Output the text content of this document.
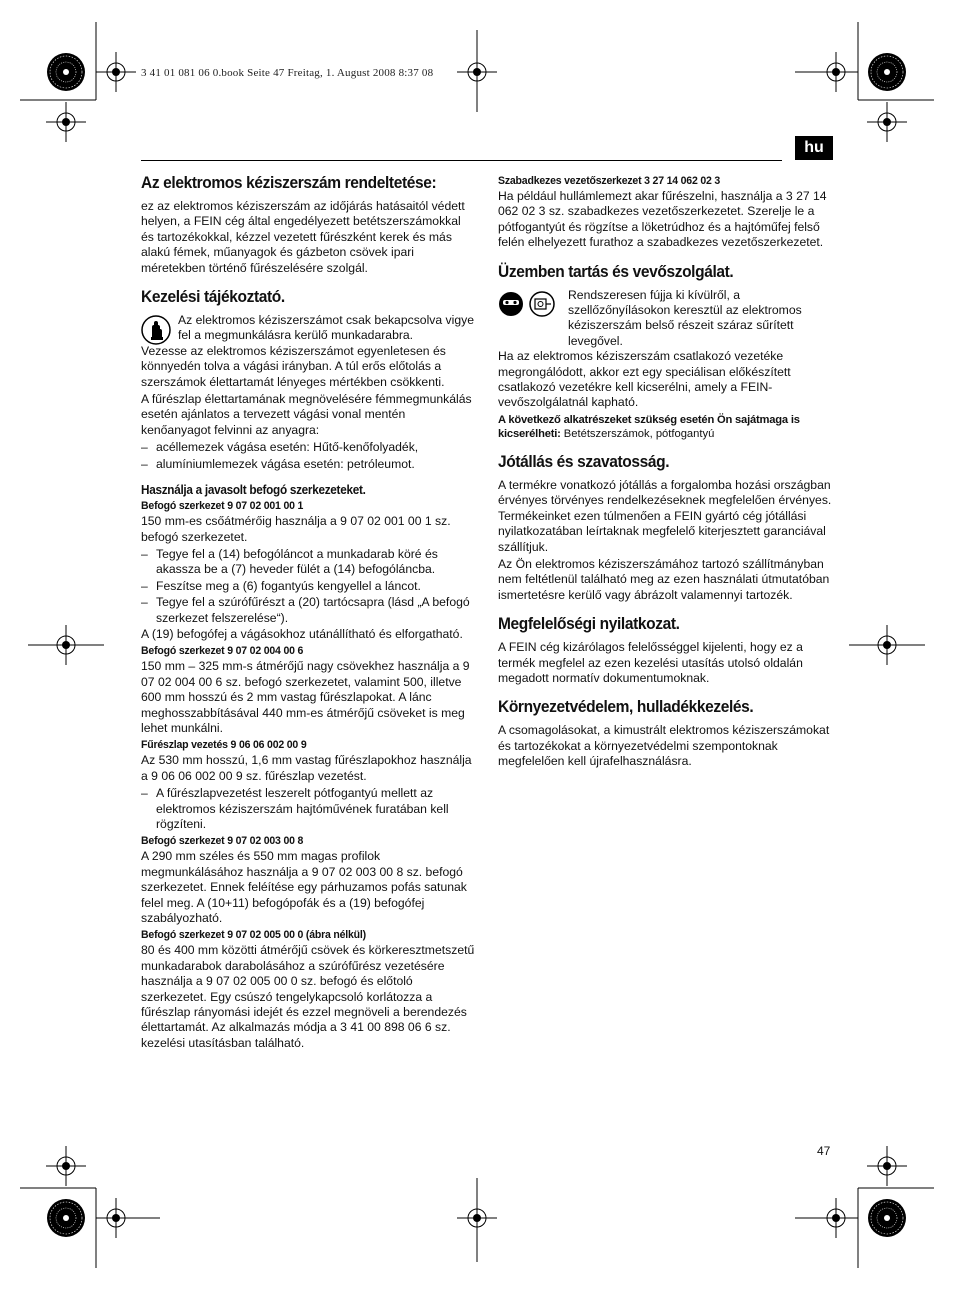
3 41 01 081 06 0.book Seite 47 Freitag, 1. August 2008 8:37 08
hu
Az elektromos kéziszerszám rendeltetése:

ez az elektromos kéziszerszám az időjárás hatásaitól védett helyen, a FEIN cég által engedélyezett betétszerszámokkal és tartozékokkal, kézzel vezetett fűrészként kerek és más alakú fémek, műanyagok és gázbeton csövek ipari méretekben történő fűrészelésére szolgál.

Kezelési tájékoztató.
Az elektromos kéziszerszámot csak bekapcsolva vigye fel a megmunkálásra kerülő munkadarabra.

Vezesse az elektromos kéziszerszámot egyenletesen és könnyedén tolva a vágási irányban. A túl erős előtolás a szerszámok élettartamát lényeges mértékben csökkenti.

A fűrészlap élettartamának megnövelésére fémmegmunkálás esetén ajánlatos a tervezett vágási vonal mentén kenőanyagot felvinni az anyagra:

– acéllemezek vágása esetén: Hűtő-kenőfolyadék,
– alumíniumlemezek vágása esetén: petróleumot.
Használja a javasolt befogó szerkezeteket.
Befogó szerkezet 9 07 02 001 00 1

150 mm-es csőátmérőig használja a 9 07 02 001 00 1 sz. befogó szerkezetet.

– Tegye fel a (14) befogóláncot a munkadarab köré és akassza be a (7) heveder fülét a (14) befogóláncba.
– Feszítse meg a (6) fogantyús kengyellel a láncot.
– Tegye fel a szúrófűrészt a (20) tartócsapra (lásd „A befogó szerkezet felszerelése“).

A (19) befogófej a vágásokhoz utánállítható és elforgatható.

Befogó szerkezet 9 07 02 004 00 6

150 mm – 325 mm-s átmérőjű nagy csövekhez használja a 9 07 02 004 00 6 sz. befogó szerkezetet, valamint 500, illetve 600 mm hosszú és 2 mm vastag fűrészlapokat. A lánc meghosszabbításával 440 mm-es átmérőjű csöveket is meg lehet munkálni.

Fűrészlap vezetés 9 06 06 002 00 9

Az 530 mm hosszú, 1,6 mm vastag fűrészlapokhoz használja a 9 06 06 002 00 9 sz. fűrészlap vezetést.

– A fűrészlapvezetést leszerelt pótfogantyú mellett az elektromos kéziszerszám hajtóművének furatában kell rögzíteni.
Befogó szerkezet 9 07 02 003 00 8

A 290 mm széles és 550 mm magas profilok megmunkálásához használja a 9 07 02 003 00 8 sz. befogó szerkezetet. Ennek feléítése egy párhuzamos pofás satunak felel meg. A (10+11) befogópofák és a (19) befogófej szabályozható.

Befogó szerkezet 9 07 02 005 00 0 (ábra nélkül)

80 és 400 mm közötti átmérőjű csövek és körkeresztmetszetű munkadarabok darabolásához a szúrófűrész vezetésére használja a 9 07 02 005 00 0 sz. befogó és előtoló szerkezetet. Egy csúszó tengelykapcsoló korlátozza a fűrészlap rányomási idejét és ezzel megnöveli a berendezés élettartamát. Az alkalmazás módja a 3 41 00 898 06 6 sz. kezelési utasításban található.

Szabadkezes vezetőszerkezet 3 27 14 062 02 3

Ha például hullámlemezt akar fűrészelni, használja a 3 27 14 062 02 3 sz. szabadkezes vezetőszerkezetet. Szerelje le a pótfogantyút és rögzítse a löketrúdhoz és a hajtóműfej felső felén elhelyezett furathoz a szabadkezes vezetőszerkezetet.

Üzemben tartás és vevőszolgálat.
Rendszeresen fújja ki kívülről, a szellőzőnyílásokon keresztül az elektromos kéziszerszám belső részeit száraz sűrített levegővel.

Ha az elektromos kéziszerszám csatlakozó vezetéke megrongálódott, akkor ezt egy speciálisan előkészített csatlakozó vezetékre kell kicserélni, amely a FEIN-vevőszolgálatnál kapható.

A következő alkatrészeket szükség esetén Ön sajátmaga is kicserélheti: Betétszerszámok, pótfogantyú
Jótállás és szavatosság.

A termékre vonatkozó jótállás a forgalomba hozási országban érvényes törvényes rendelkezéseknek megfelelően érvényes. Termékeinket ezen túlmenően a FEIN gyártó cég jótállási nyilatkozatában leírtaknak megfelelő kiterjesztett garanciával szállítjuk.

Az Ön elektromos kéziszerszámához tartozó szállítmányban nem feltétlenül található meg az ezen használati útmutatóban ismertetésre kerülő vagy ábrázolt valamennyi tartozék.

Megfelelőségi nyilatkozat.

A FEIN cég kizárólagos felelősséggel kijelenti, hogy ez a termék megfelel az ezen kezelési utasítás utolsó oldalán megadott normatív dokumentumoknak.

Környezetvédelem, hulladékkezelés.

A csomagolásokat, a kimustrált elektromos kéziszerszámokat és tartozékokat a környezetvédelmi szempontoknak megfelelően kell újrafelhasználásra.

47
